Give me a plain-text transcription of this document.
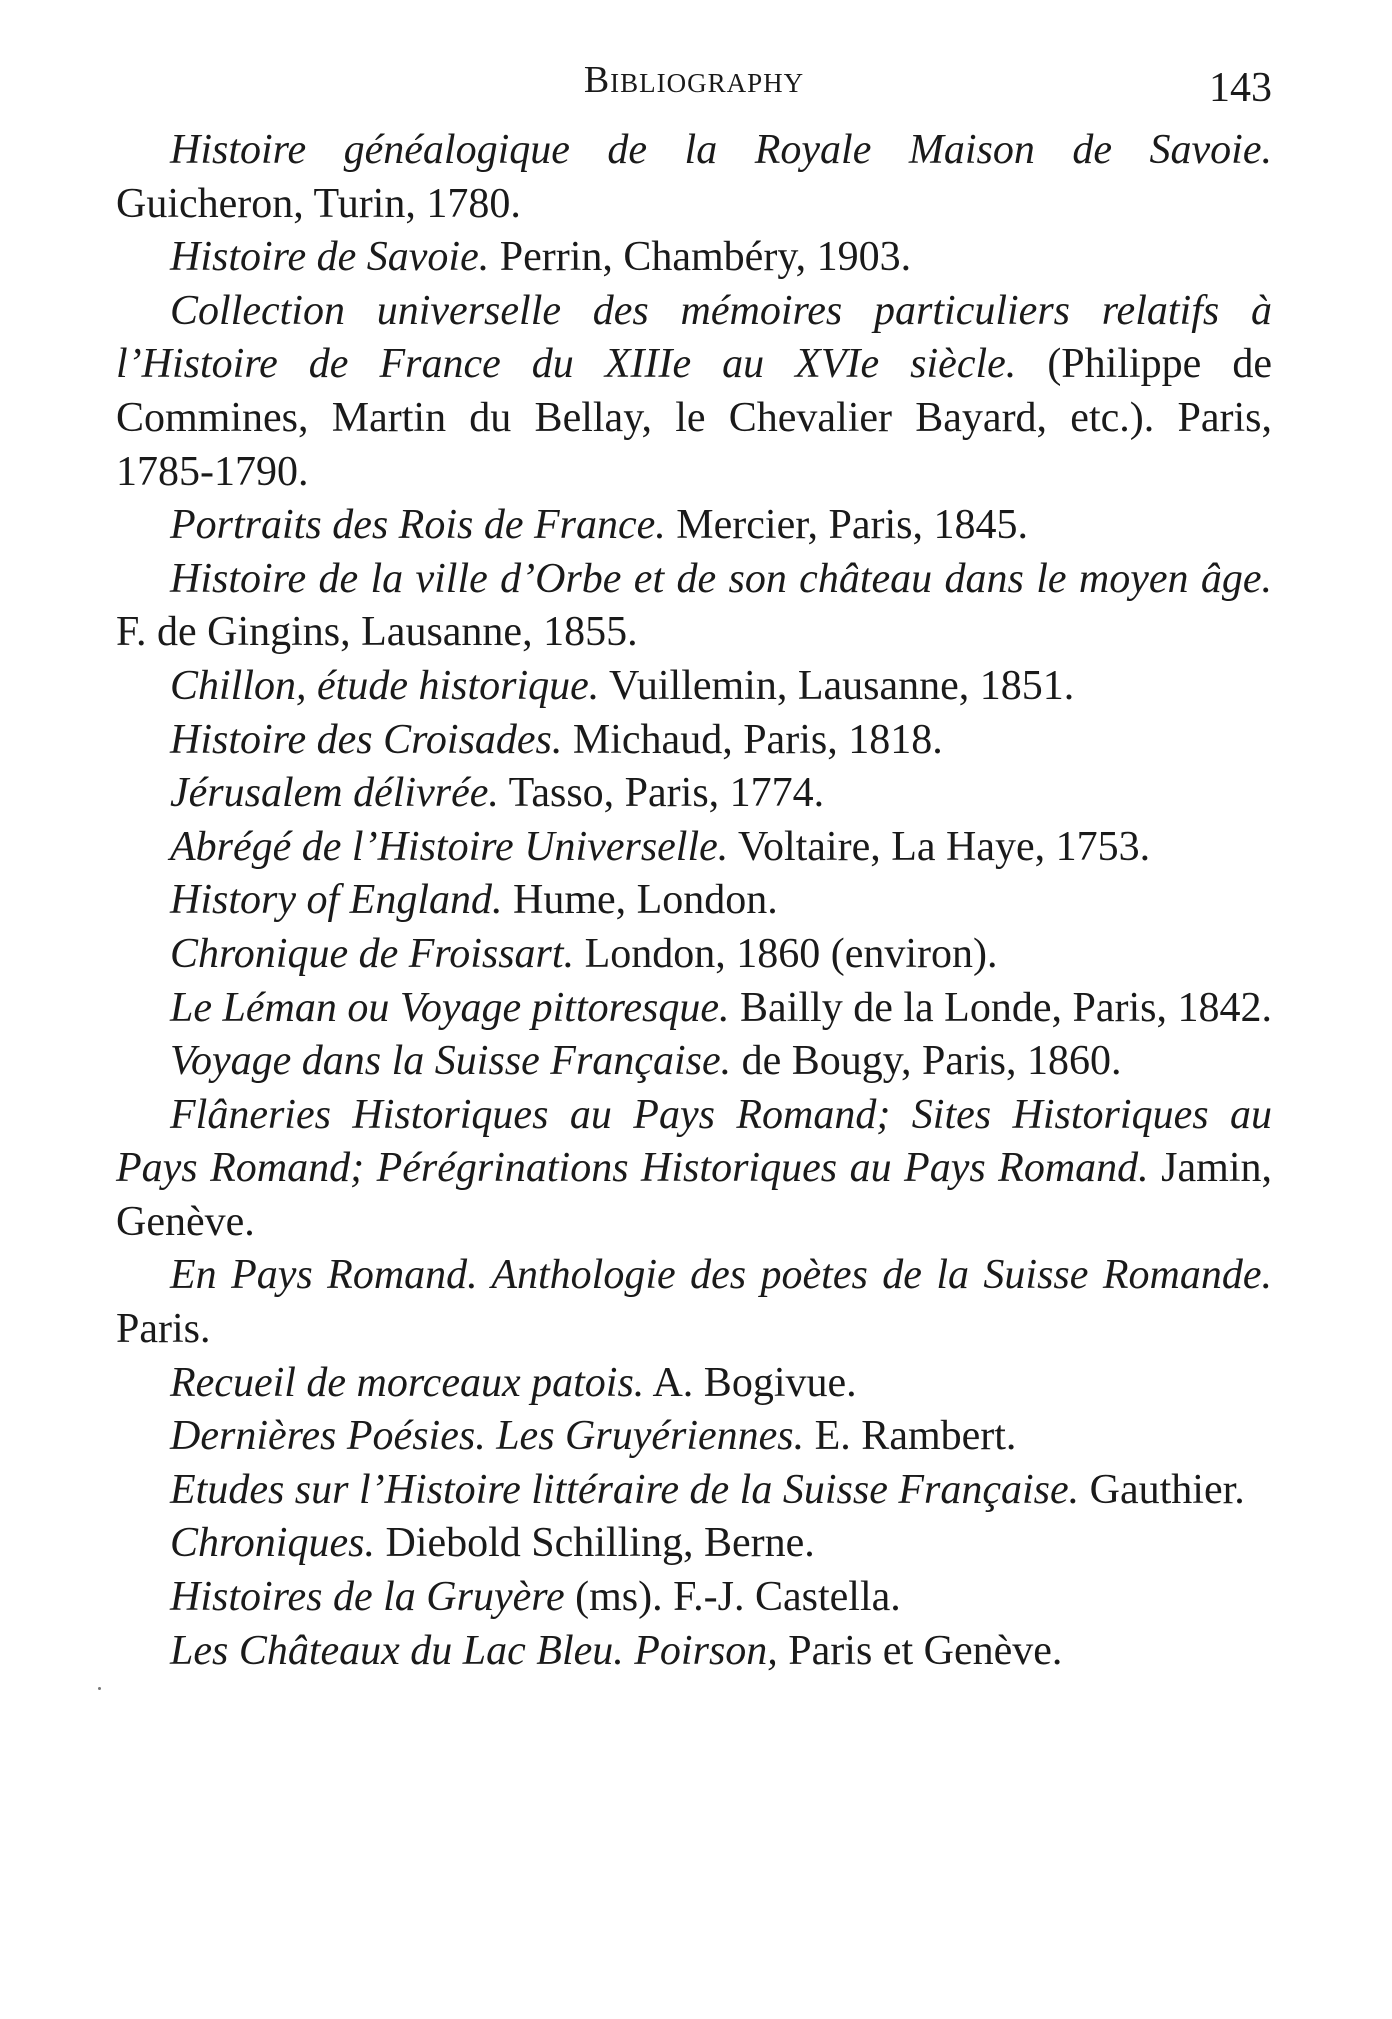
Bibliography	143

Histoire généalogique de la Royale Maison de Savoie. Guicheron, Turin, 1780.

Histoire de Savoie. Perrin, Chambéry, 1903.

Collection universelle des mémoires particuliers relatifs à l’Histoire de France du XIIIe au XVIe siècle. (Philippe de Commines, Martin du Bellay, le Chevalier Bayard, etc.). Paris, 1785-1790.

Portraits des Rois de France. Mercier, Paris, 1845.

Histoire de la ville d’Orbe et de son château dans le moyen âge. F. de Gingins, Lausanne, 1855.

Chillon, étude historique. Vuillemin, Lausanne, 1851.

Histoire des Croisades. Michaud, Paris, 1818.

Jérusalem délivrée. Tasso, Paris, 1774.

Abrégé de l’Histoire Universelle. Voltaire, La Haye, 1753.

History of England. Hume, London.

Chronique de Froissart. London, 1860 (environ).

Le Léman ou Voyage pittoresque. Bailly de la Londe, Paris, 1842.

Voyage dans la Suisse Française. de Bougy, Paris, 1860.

Flâneries Historiques au Pays Romand; Sites Historiques au Pays Romand; Pérégrinations Historiques au Pays Romand. Jamin, Genève.

En Pays Romand. Anthologie des poètes de la Suisse Romande. Paris.

Recueil de morceaux patois. A. Bogivue.

Dernières Poésies. Les Gruyériennes. E. Rambert.

Etudes sur l’Histoire littéraire de la Suisse Française. Gauthier.

Chroniques. Diebold Schilling, Berne.

Histoires de la Gruyère (ms). F.-J. Castella.

Les Châteaux du Lac Bleu. Poirson, Paris et Genève.
